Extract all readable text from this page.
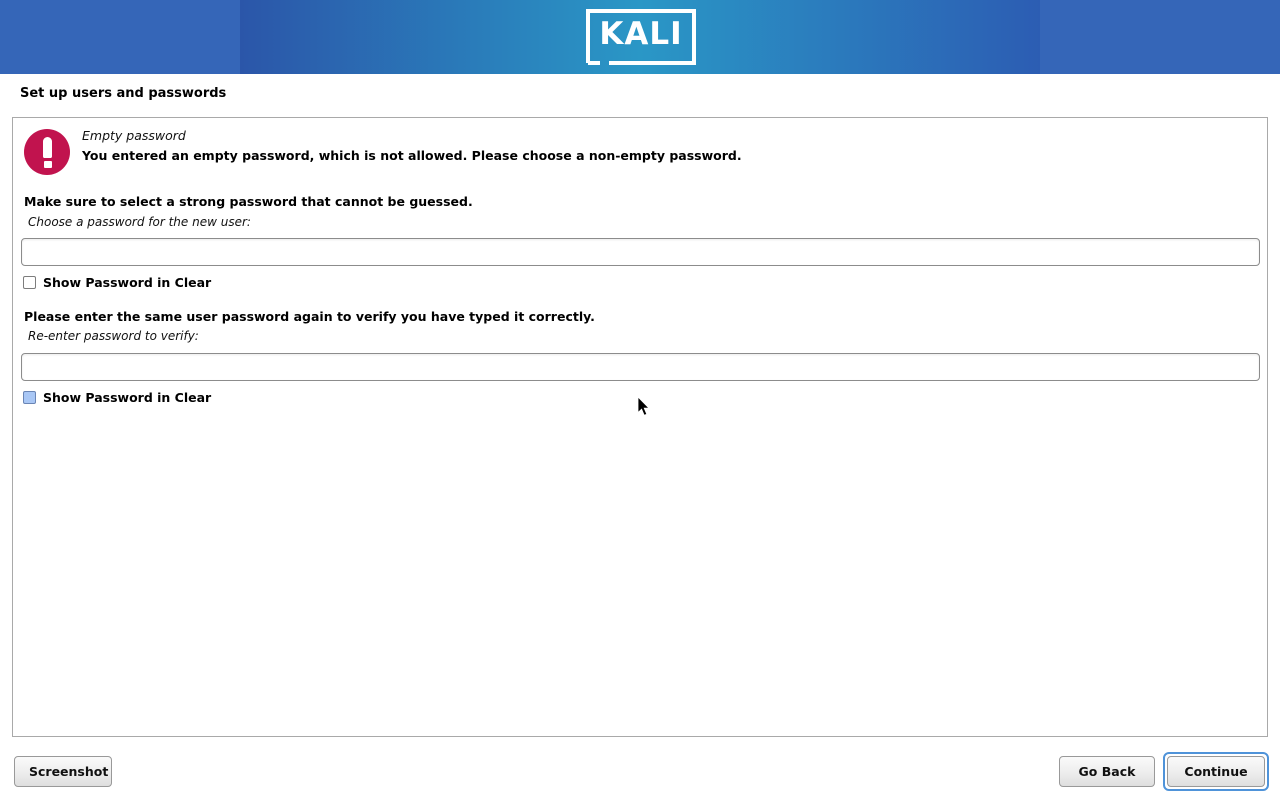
KALI
Set up users and passwords
Empty password
You entered an empty password, which is not allowed. Please choose a non-empty password.
Make sure to select a strong password that cannot be guessed.
Choose a password for the new user:
Show Password in Clear
Please enter the same user password again to verify you have typed it correctly.
Re-enter password to verify:
Show Password in Clear
Screenshot	Go Back	Continue
